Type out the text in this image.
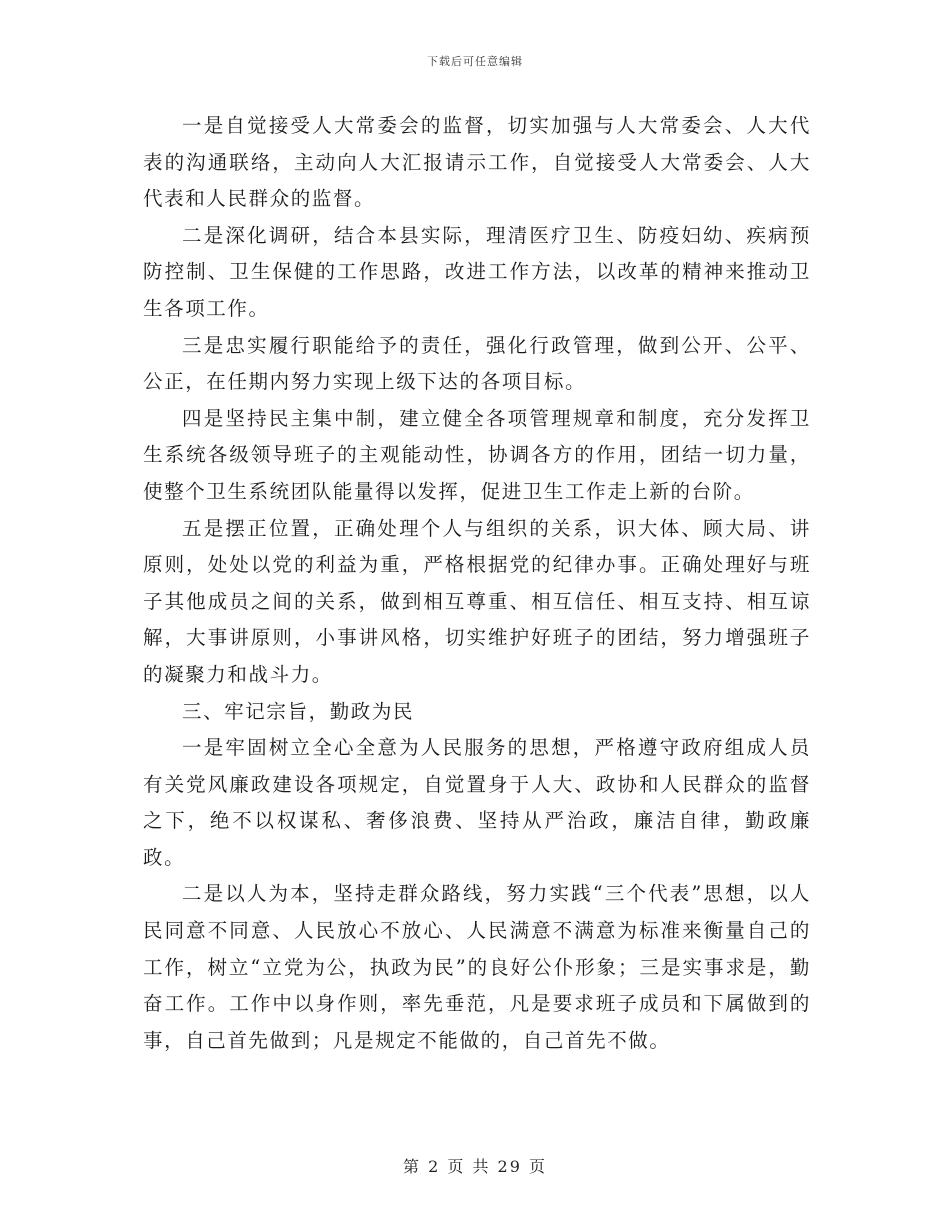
下载后可任意编辑

一是自觉接受人大常委会的监督，切实加强与人大常委会、人大代表的沟通联络，主动向人大汇报请示工作，自觉接受人大常委会、人大代表和人民群众的监督。

二是深化调研，结合本县实际，理清医疗卫生、防疫妇幼、疾病预防控制、卫生保健的工作思路，改进工作方法，以改革的精神来推动卫生各项工作。

三是忠实履行职能给予的责任，强化行政管理，做到公开、公平、公正，在任期内努力实现上级下达的各项目标。

四是坚持民主集中制，建立健全各项管理规章和制度，充分发挥卫生系统各级领导班子的主观能动性，协调各方的作用，团结一切力量，使整个卫生系统团队能量得以发挥，促进卫生工作走上新的台阶。

五是摆正位置，正确处理个人与组织的关系，识大体、顾大局、讲原则，处处以党的利益为重，严格根据党的纪律办事。正确处理好与班子其他成员之间的关系，做到相互尊重、相互信任、相互支持、相互谅解，大事讲原则，小事讲风格，切实维护好班子的团结，努力增强班子的凝聚力和战斗力。

三、牢记宗旨，勤政为民

一是牢固树立全心全意为人民服务的思想，严格遵守政府组成人员有关党风廉政建设各项规定，自觉置身于人大、政协和人民群众的监督之下，绝不以权谋私、奢侈浪费、坚持从严治政，廉洁自律，勤政廉政。

二是以人为本，坚持走群众路线，努力实践“三个代表”思想，以人民同意不同意、人民放心不放心、人民满意不满意为标准来衡量自己的工作，树立“立党为公，执政为民”的良好公仆形象；三是实事求是，勤奋工作。工作中以身作则，率先垂范，凡是要求班子成员和下属做到的事，自己首先做到；凡是规定不能做的，自己首先不做。

第 2 页 共 29 页
